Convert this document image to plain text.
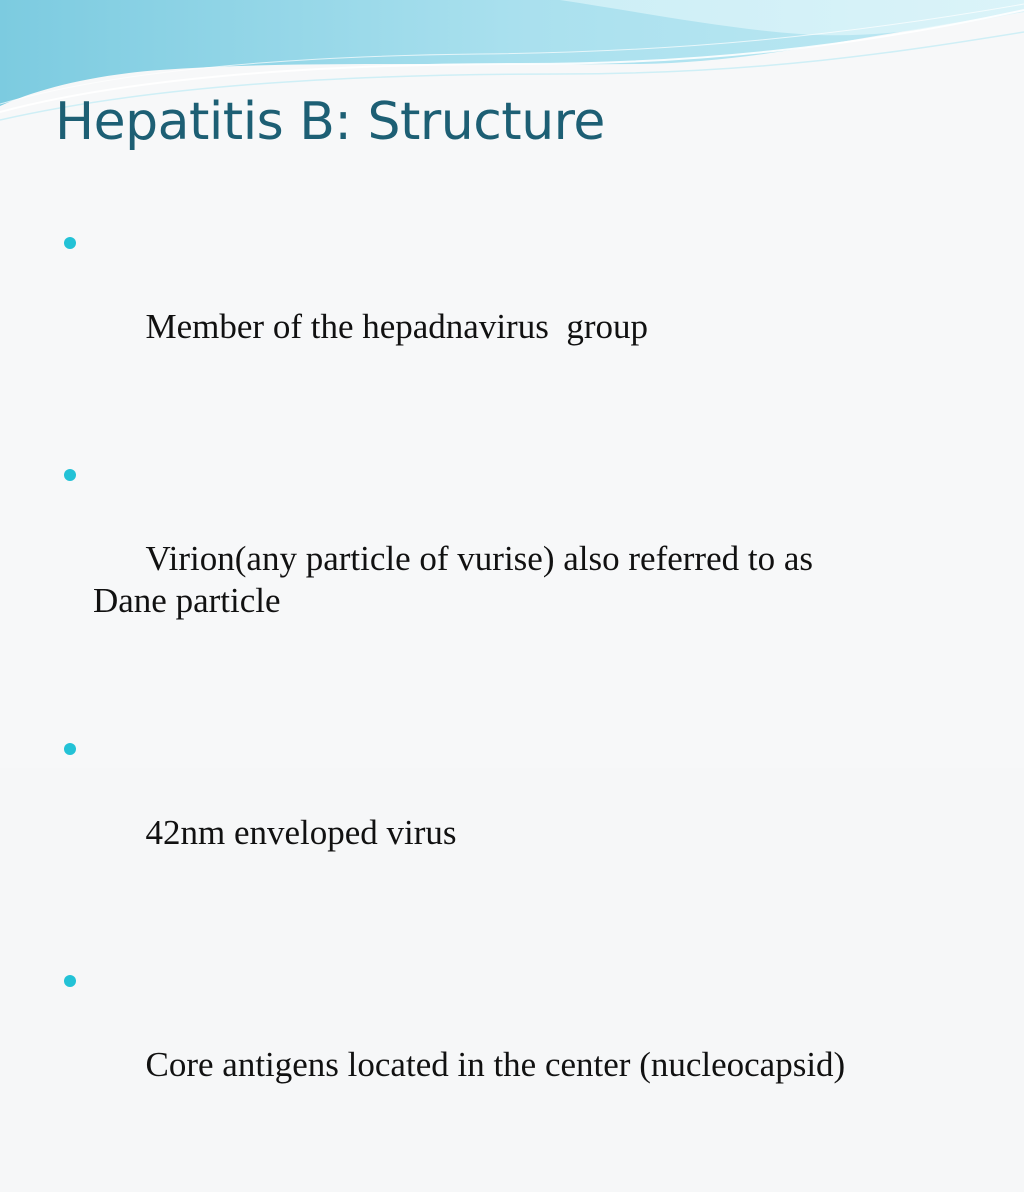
Hepatitis B: Structure

Member of the hepadnavirus  group

Virion(any particle of vurise) also referred to as
Dane particle

42nm enveloped virus

Core antigens located in the center (nucleocapsid)
